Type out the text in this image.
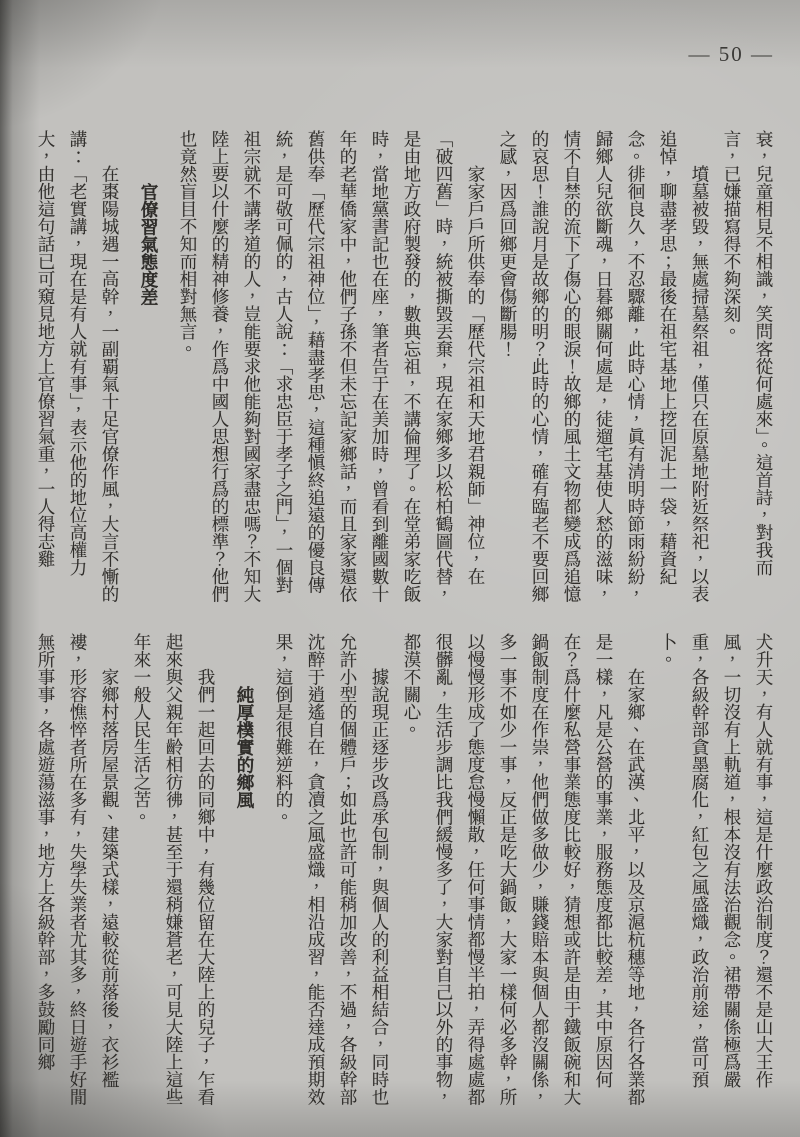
— 50 —

衰，兒童相見不相識，笑問客從何處來」。這首詩，對我而言，已嫌描寫得不夠深刻。

墳墓被毀，無處掃墓祭祖，僅只在原墓地附近祭祀，以表追悼，聊盡孝思；最後在祖宅基地上挖回泥土一袋，藉資紀念。徘徊良久，不忍驟離，此時心情，眞有清明時節雨紛紛，歸鄉人兒欲斷魂，日暮鄉關何處是，徒遛宅基使人愁的滋味，情不自禁的流下了傷心的眼淚！故鄉的風土文物都變成爲追憶的哀思！誰說月是故鄉的明？此時的心情，確有臨老不要回鄉之感，因爲回鄉更會傷斷腸！

家家戶戶所供奉的「歷代宗祖和天地君親師」神位，在「破四舊」時，統被撕毀丟棄，現在家鄉多以松柏鶴圖代替，是由地方政府製發的，數典忘祖，不講倫理了。在堂弟家吃飯時，當地黨書記也在座，筆者告于在美加時，曾看到離國數十年的老華僑家中，他們子孫不但未忘記家鄉話，而且家家還依舊供奉「歷代宗祖神位」，藉盡孝思，這種愼終追遠的優良傳統，是可敬可佩的，古人說：「求忠臣于孝子之門」，一個對祖宗就不講孝道的人，豈能要求他能夠對國家盡忠嗎？不知大陸上要以什麼的精神修養，作爲中國人思想行爲的標準？他們也竟然盲目不知而相對無言。

官僚習氣態度差

在棗陽城遇一高幹，一副覇氣十足官僚作風，大言不慚的講：「老實講，現在是有人就有事」，表示他的地位高權力大，由他這句話已可窺見地方上官僚習氣重，一人得志雞

犬升天，有人就有事，這是什麼政治制度？還不是山大王作風，一切沒有上軌道，根本沒有法治觀念。裙帶關係極爲嚴重，各級幹部貪墨腐化，紅包之風盛熾，政治前途，當可預卜。

在家鄉、在武漢、北平，以及京滬杭穗等地，各行各業都是一樣，凡是公營的事業，服務態度都比較差，其中原因何在？爲什麼私營事業態度比較好，猜想或許是由于鐵飯碗和大鍋飯制度在作祟，他們做多做少，賺錢賠本與個人都沒關係，多一事不如少一事，反正是吃大鍋飯，大家一樣何必多幹，所以慢慢形成了態度怠慢懶散，任何事情都慢半拍，弄得處處都很髒亂，生活步調比我們緩慢多了，大家對自己以外的事物，都漠不關心。

據說現正逐步改爲承包制，與個人的利益相結合，同時也允許小型的個體戶；如此也許可能稍加改善，不過，各級幹部沈醉于逍遙自在，貪凟之風盛熾，相沿成習，能否達成預期效果，這倒是很難逆料的。

純厚樸實的鄉風

我們一起回去的同鄉中，有幾位留在大陸上的兒子，乍看起來與父親年齡相彷彿，甚至于還稍嫌蒼老，可見大陸上這些年來一般人民生活之苦。

家鄉村落房屋景觀、建築式樣，遠較從前落後，衣衫襤褸，形容憔悴者所在多有，失學失業者尤其多，終日遊手好閒無所事事，各處遊蕩滋事，地方上各級幹部，多鼓勵同鄉
